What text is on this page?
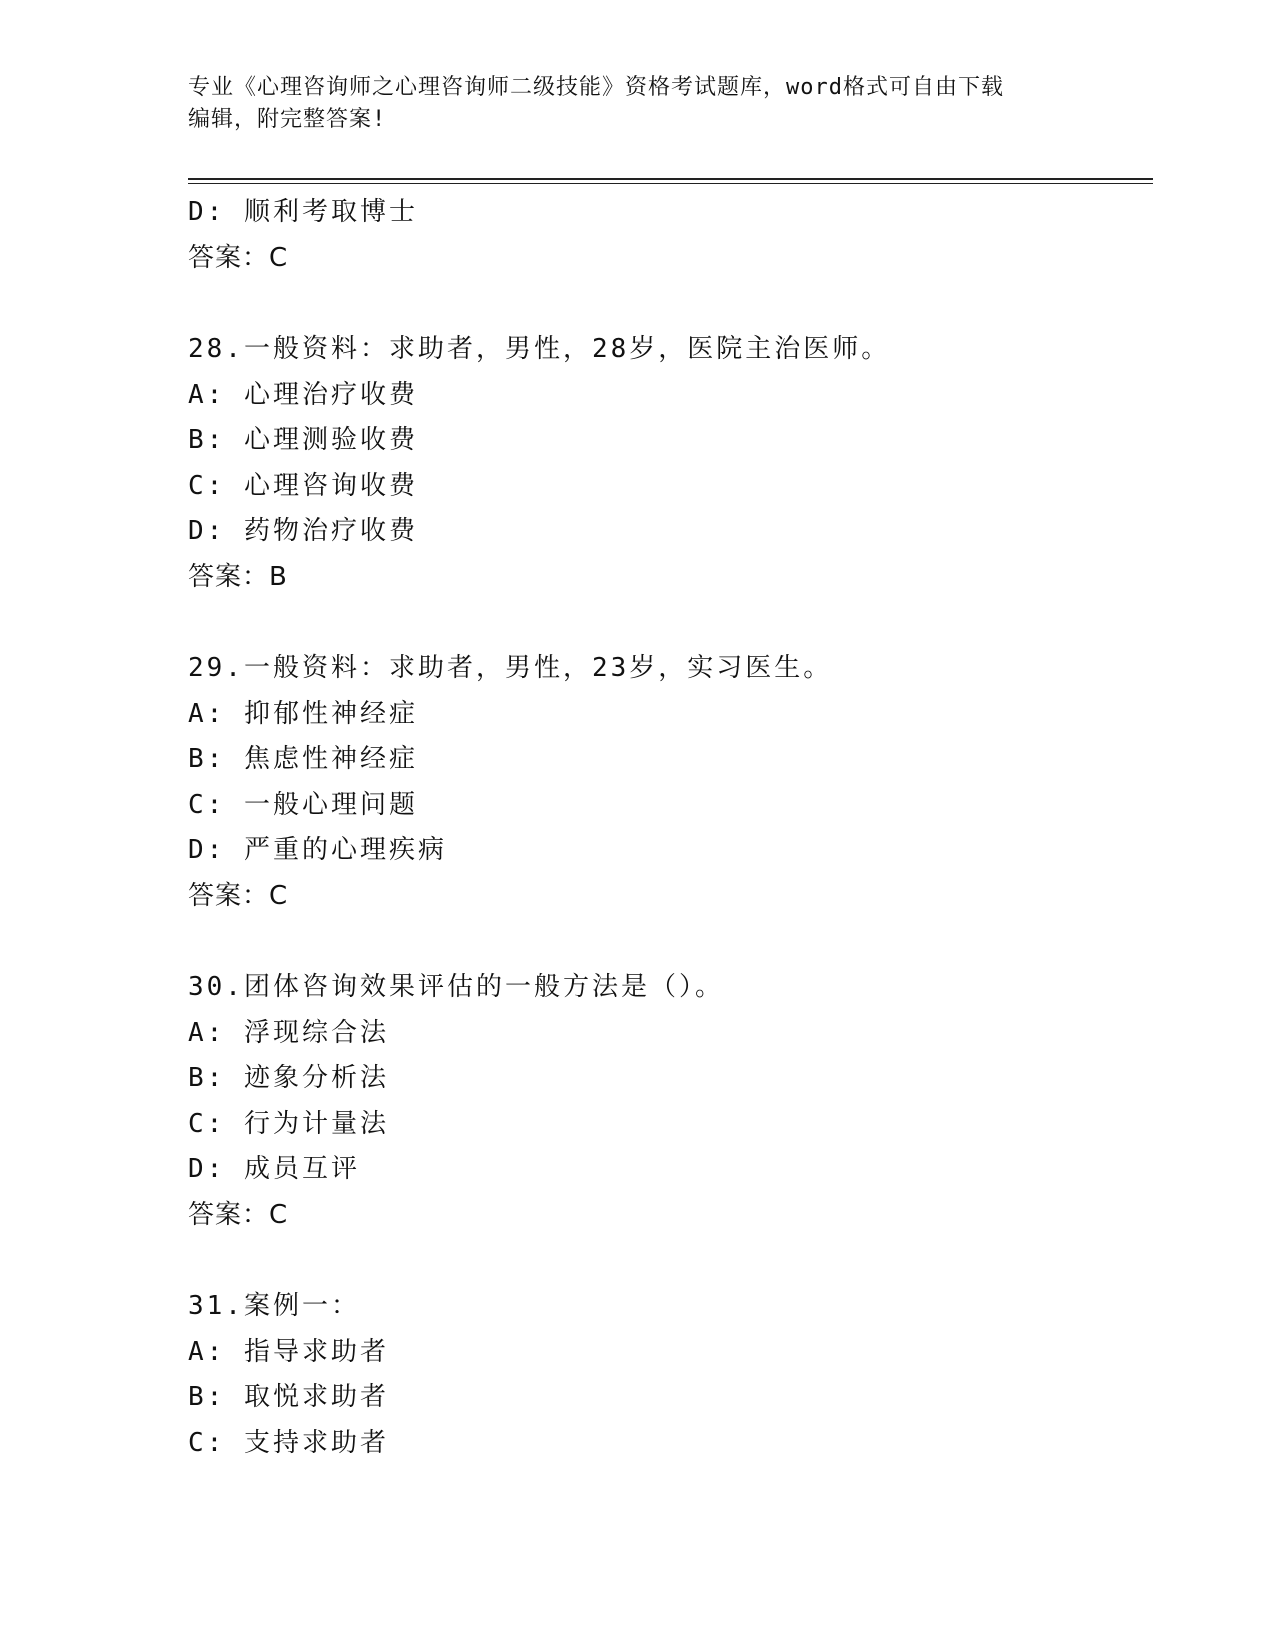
专业《心理咨询师之心理咨询师二级技能》资格考试题库，word格式可自由下载
编辑，附完整答案!
D: 顺利考取博士
答案：C
28.一般资料：求助者，男性，28岁，医院主治医师。
A: 心理治疗收费
B: 心理测验收费
C: 心理咨询收费
D: 药物治疗收费
答案：B
29.一般资料：求助者，男性，23岁，实习医生。
A: 抑郁性神经症
B: 焦虑性神经症
C: 一般心理问题
D: 严重的心理疾病
答案：C
30.团体咨询效果评估的一般方法是（）。
A: 浮现综合法
B: 迹象分析法
C: 行为计量法
D: 成员互评
答案：C
31.案例一：
A: 指导求助者
B: 取悦求助者
C: 支持求助者
